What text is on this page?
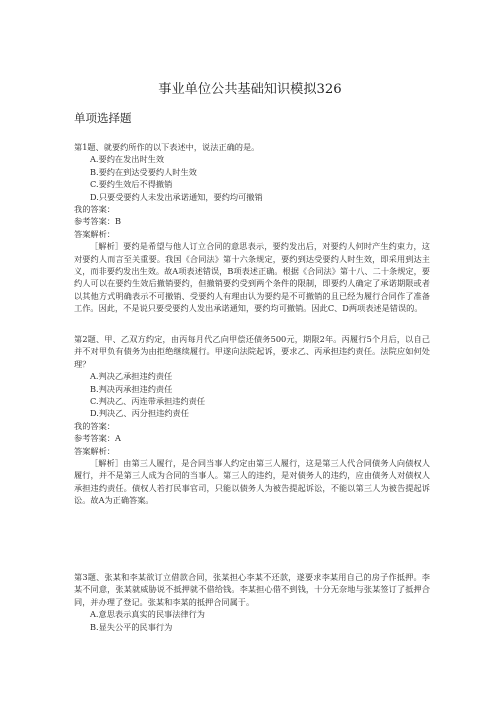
事业单位公共基础知识模拟326
单项选择题

第1题、就要约所作的以下表述中，说法正确的是。

A.要约在发出时生效
B.要约在到达受要约人时生效
C.要约生效后不得撤销
D.只要受要约人未发出承诺通知，要约均可撤销

我的答案：

参考答案：B

答案解析：

［解析］要约是希望与他人订立合同的意思表示，要约发出后，对要约人何时产生约束力，这对要约人而言至关重要。我国《合同法》第十六条规定，要约到达受要约人时生效，即采用到达主义，而非要约发出生效。故A项表述错误，B项表述正确。根据《合同法》第十八、二十条规定，要约人可以在要约生效后撤销要约，但撤销要约受到两个条件的限制，即要约人确定了承诺期限或者以其他方式明确表示不可撤销、受要约人有理由认为要约是不可撤销的且已经为履行合同作了准备工作。因此，不是说只要受要约人发出承诺通知，要约均可撤销。因此C、D两项表述是错误的。

第2题、甲、乙双方约定，由丙每月代乙向甲偿还债务500元，期限2年。丙履行5个月后，以自己并不对甲负有债务为由拒绝继续履行。甲遂向法院起诉，要求乙、丙承担违约责任。法院应如何处理？

A.判决乙承担违约责任
B.判决丙承担违约责任
C.判决乙、丙连带承担违约责任
D.判决乙、丙分担违约责任

我的答案：

参考答案：A

答案解析：

［解析］由第三人履行，是合同当事人约定由第三人履行，这是第三人代合同债务人向债权人履行，并不是第三人成为合同的当事人。第三人的违约，是对债务人的违约，应由债务人对债权人承担违约责任。债权人若打民事官司，只能以债务人为被告提起诉讼，不能以第三人为被告提起诉讼。故A为正确答案。

第3题、张某和李某欲订立借款合同，张某担心李某不还款，遂要求李某用自己的房子作抵押。李某不同意，张某就威胁说不抵押就不借给钱。李某担心借不到钱，十分无奈地与张某签订了抵押合同，并办理了登记。张某和李某的抵押合同属于。

A.意思表示真实的民事法律行为
B.显失公平的民事行为
